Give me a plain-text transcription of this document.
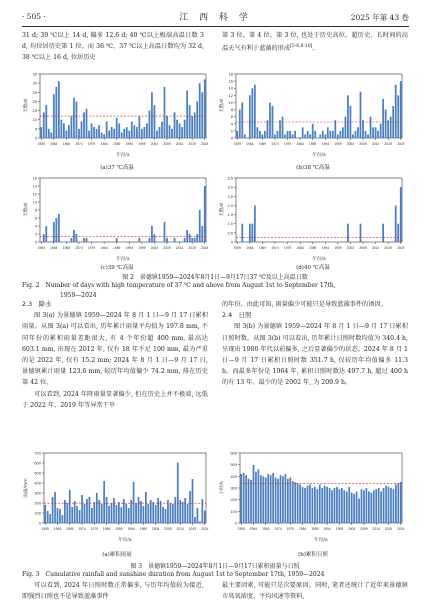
· 505 ·	江 西 科 学	2025 年第 43 卷

31 d; 39 ℃以上 14 d, 偏多 12.6 d; 40 ℃以上极端高温日数 3 d, 均位居历史第 1 位。而 36 ℃、37 ℃以上高温日数均为 32 d, 38 ℃以上 16 d, 位居历史

第 3 位、第 4 位、第 3 位, 也处于历史高位。超历史、长时间的高温天气有利于蓝藻的形成[5-6,8-10]。

0
5
10
15
20
25
30
35
1959 1964 1969 1974 1979 1984 1989 1994 1999 2004 2009 2014 2019 2024
年份/a
天数/d
(a)37 ℃高温
0
2
4
6
8
10
12
14
16
18
1959 1964 1969 1974 1979 1984 1989 1994 1999 2004 2009 2014 2019 2024
年份/a
天数/d
(b)38 ℃高温
0
2
4
6
8
10
12
14
16
1959 1964 1969 1974 1979 1984 1989 1994 1999 2004 2009 2014 2019 2024
年份/a
天数/d
(c)39 ℃高温
0
0.5
1.0
1.5
2.0
2.5
3.0
3.5
1959 1964 1969 1974 1979 1984 1989 1994 1999 2004 2009 2014 2019 2024
年份/a
天数/d
(d)40 ℃高温
图 2　景德镇1959—2024年8月1日—9月17日37 ℃及以上高温日数
Fig. 2　Number of days with high temperature of 37 ℃ and above from August 1st to September 17th,
1959—2024

2.3　降水

图 3(a) 为景德镇 1959—2024 年 8 月 1 日—9 月 17 日累积雨量。从图 3(a) 可以看出, 历年累计雨量平均值为 197.8 mm, 不同年份的累积雨量差距很大, 有 4 个年份超 400 mm, 最高达 603.1 mm, 出现在 2012 年, 仅有 18 年不足 100 mm, 最为严重的是 2022 年, 仅有 15.2 mm; 2024 年 8 月 1 日—9 月 17 日, 景德镇累计雨量 123.6 mm, 较历年均值偏少 74.2 mm, 排在历史第 42 位。

可以看到, 2024 年降雨量显著偏少, 但在历史上并不极端, 远低于 2022 年、2019 年等异常干旱

的年份。由此可知, 雨量偏少可能只是导致蓝藻事件的诱因。

2.4　日照

图 3(b) 为景德镇 1959—2024 年 8 月 1 日—9 月 17 日累积日照时数。从图 3(b) 可以看出, 历年累计日照时数均值为 340.4 h, 呈现出 1980 年代以前偏多, 之后显著偏少的状态。2024 年 8 月 1 日—9 月 17 日累积日照时数 351.7 h, 仅较历年均值偏多 11.3 h。而最多年份是 1964 年, 累积日照时数达 497.7 h, 超过 400 h 的有 13 年。最少的是 2002 年, 为 209.9 h。

0
100
200
300
400
500
600
700
1959 1964 1969 1974 1979 1984 1989 1994 1999 2004 2009 2014 2019 2024
年份/a
雨量/mm
(a)累积雨量
0
100
200
300
400
500
600
1959 1964 1969 1974 1979 1984 1989 1994 1999 2004 2009 2014 2019 2024
年份/a
小时/h
(b)累积日照
图 3　景德镇1959—2024年8月1日—9月17日累积雨量与日照
Fig. 3　Cumulative rainfall and sunshine duration from August 1st to September 17th, 1959—2024

可以看到, 2024 年日照时数正常偏多, 与历年均值较为接近, 即强烈日照也不是导致蓝藻事件

最主要因素, 可能只是次要原因。同时, 笔者还统计了近年来景德镇市臭氧浓度、平均风速等资料,
